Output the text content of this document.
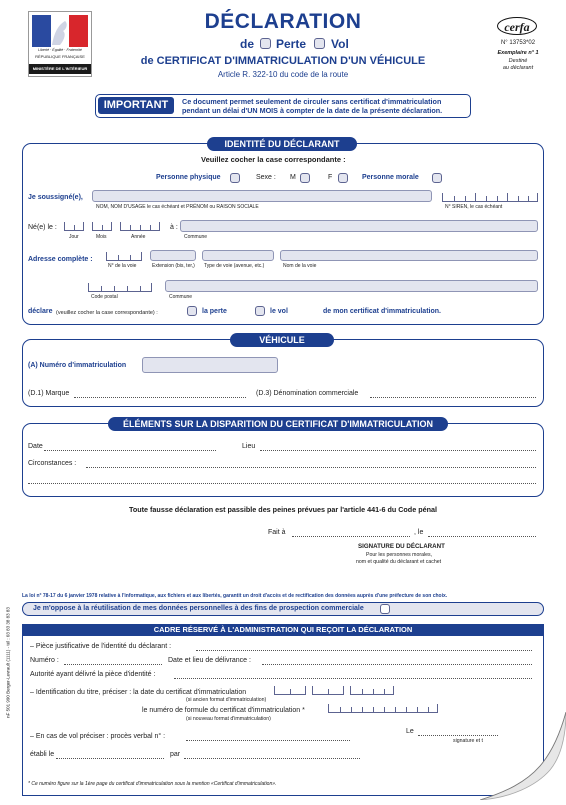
Liberté · Égalité · Fraternité
RÉPUBLIQUE FRANÇAISE
MINISTÈRE DE L'INTÉRIEUR
DÉCLARATION
de Perte Vol
de CERTIFICAT D'IMMATRICULATION D'UN VÉHICULE
Article R. 322-10 du code de la route
cerfa
N° 13753*02
Exemplaire n° 1
Destiné
au déclarant
IMPORTANT	Ce document permet seulement de circuler sans certificat d'immatriculation
pendant un délai d'UN MOIS à compter de la date de la présente déclaration.
IDENTITÉ DU DÉCLARANT
Veuillez cocher la case correspondante :
Personne physique	Sexe : M	F	Personne morale
Je soussigné(e),
NOM, NOM D'USAGE le cas échéant et PRÉNOM ou RAISON SOCIALE	N° SIREN, le cas échéant
Né(e) le :
Jour	Mois	Année
à :
Commune
Adresse complète :
N° de la voie	Extension (bis, ter,) Type de voie (avenue, etc.)	Nom de la voie
Code postal	Commune
déclare (veuillez cocher la case correspondante) :	la perte	le vol	de mon certificat d'immatriculation.
VÉHICULE
(A) Numéro d'immatriculation
(D.1) Marque	(D.3) Dénomination commerciale
ÉLÉMENTS SUR LA DISPARITION DU CERTIFICAT D'IMMATRICULATION
Date	Lieu
Circonstances :
Toute fausse déclaration est passible des peines prévues par l'article 441-6 du Code pénal
Fait à	, le
SIGNATURE DU DÉCLARANT
Pour les personnes morales,
nom et qualité du déclarant et cachet
La loi n° 78-17 du 6 janvier 1978 relative à l'informatique, aux fichiers et aux libertés, garantit un droit d'accès et de rectification des données auprès d'une préfecture de son choix.
Je m'oppose à la réutilisation de mes données personnelles à des fins de prospection commerciale
CADRE RÉSERVÉ À L'ADMINISTRATION QUI REÇOIT LA DÉCLARATION
– Pièce justificative de l'identité du déclarant :
Numéro :	Date et lieu de délivrance :
Autorité ayant délivré la pièce d'identité :
– Identification du titre, préciser : la date du certificat d'immatriculation
(si ancien format d'immatriculation)
le numéro de formule du certificat d'immatriculation *
(si nouveau format d'immatriculation)
Le
– En cas de vol préciser : procès verbal n° :
signature et t
établi le	par
nF 501 990 Berger-Levrault (1111) - tél : 03 83 38 83 83
* Ce numéro figure sur la 1ère page du certificat d'immatriculation sous la mention «Certificat d'immatriculation».
